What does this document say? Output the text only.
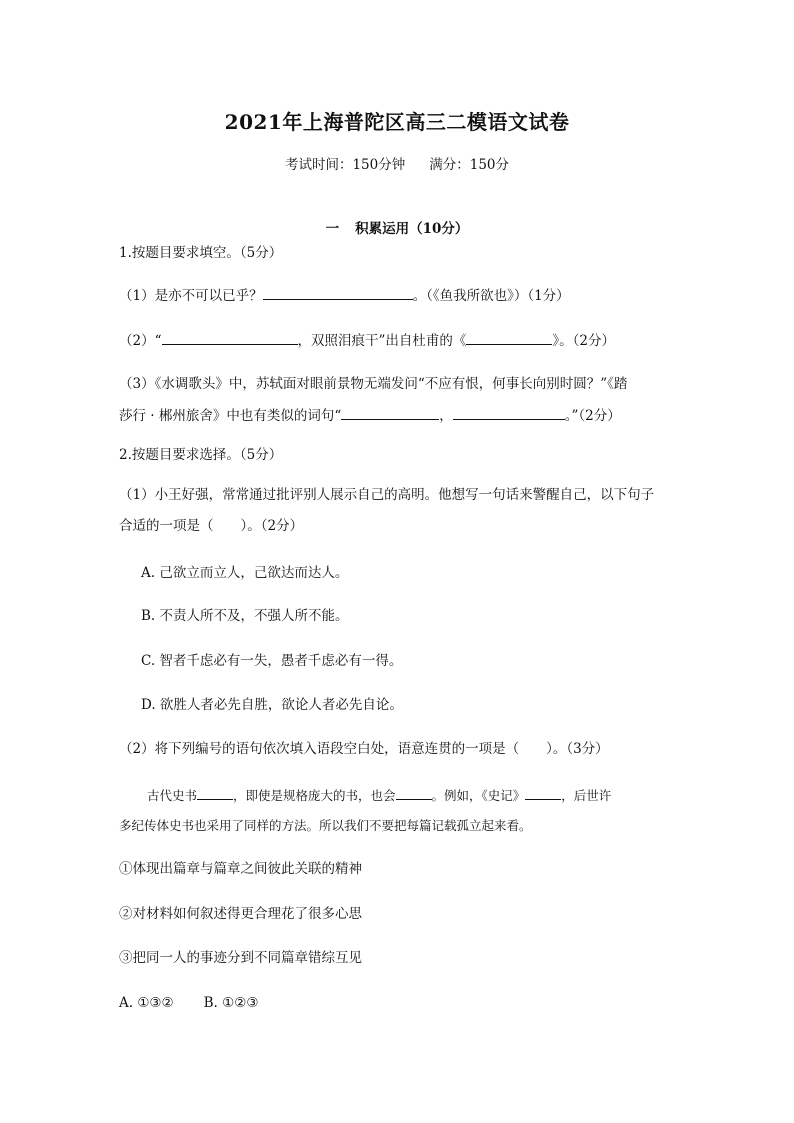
2021年上海普陀区高三二模语文试卷
考试时间：150分钟 满分：150分
一 积累运用（10分）
1.按题目要求填空。（5分）
（1）是亦不可以已乎？	。（《鱼我所欲也》）（1分）
（2）“	，双照泪痕干”出自杜甫的《	》。（2分）
（3）《水调歌头》中，苏轼面对眼前景物无端发问“不应有恨，何事长向别时圆？”《踏
莎行 · 郴州旅舍》中也有类似的词句“	，	。”（2分）
2.按题目要求选择。（5分）
（1）小王好强，常常通过批评别人展示自己的高明。他想写一句话来警醒自己，以下句子
合适的一项是（　　）。（2分）
A. 己欲立而立人，己欲达而达人。
B. 不责人所不及，不强人所不能。
C. 智者千虑必有一失，愚者千虑必有一得。
D. 欲胜人者必先自胜，欲论人者必先自论。
（2）将下列编号的语句依次填入语段空白处，语意连贯的一项是（　　）。（3分）
古代史书	，即使是规格庞大的书，也会	。例如，《史记》	，后世许
多纪传体史书也采用了同样的方法。所以我们不要把每篇记载孤立起来看。
①体现出篇章与篇章之间彼此关联的精神
②对材料如何叙述得更合理花了很多心思
③把同一人的事迹分到不同篇章错综互见
A. ①③② B. ①②③
